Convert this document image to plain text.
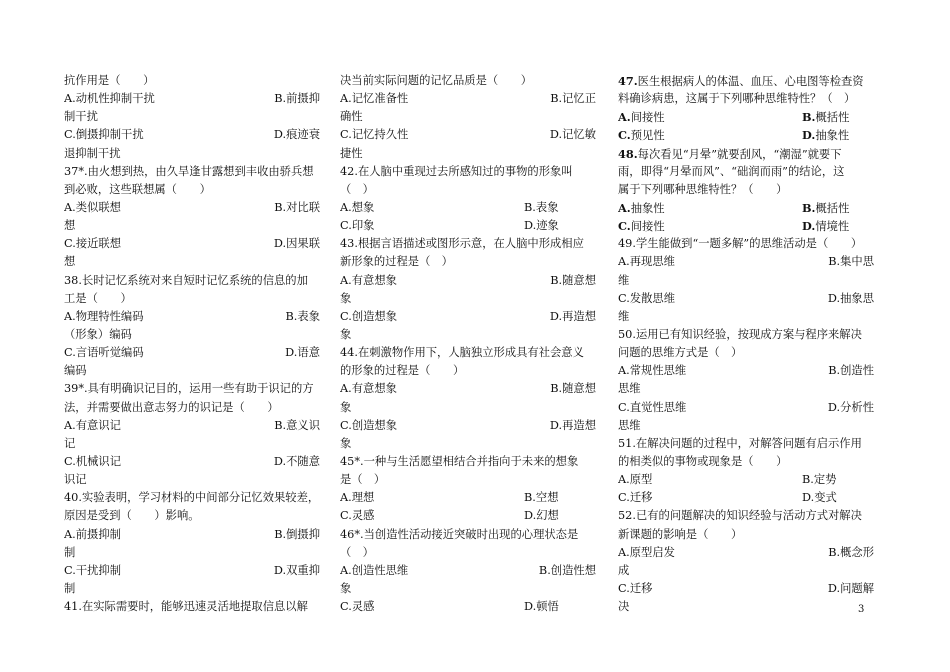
抗作用是（　　）
A.动机性抑制干扰	B.前摄抑
制干扰
C.倒摄抑制干扰	D.痕迹衰
退抑制干扰
37*.由火想到热，由久旱逢甘露想到丰收由骄兵想
到必败，这些联想属（　　）
A.类似联想	B.对比联
想
C.接近联想	D.因果联
想
38.长时记忆系统对来自短时记忆系统的信息的加
工是（　　）
A.物理特性编码	B.表象
（形象）编码
C.言语听觉编码	D.语意
编码
39*.具有明确识记目的，运用一些有助于识记的方
法，并需要做出意志努力的识记是（　　）
A.有意识记	B.意义识
记
C.机械识记	D.不随意
识记
40.实验表明，学习材料的中间部分记忆效果较差，
原因是受到（　　）影响。
A.前摄抑制	B.倒摄抑
制
C.干扰抑制	D.双重抑
制
41.在实际需要时，能够迅速灵活地提取信息以解
决当前实际问题的记忆品质是（　　）
A.记忆准备性	B.记忆正
确性
C.记忆持久性	D.记忆敏
捷性
42.在人脑中重现过去所感知过的事物的形象叫
（　）
A.想象	B.表象
C.印象	D.迹象
43.根据言语描述或图形示意，在人脑中形成相应
新形象的过程是（　）
A.有意想象	B.随意想
象
C.创造想象	D.再造想
象
44.在刺激物作用下，人脑独立形成具有社会意义
的形象的过程是（　　）
A.有意想象	B.随意想
象
C.创造想象	D.再造想
象
45*.一种与生活愿望相结合并指向于未来的想象
是（　）
A.理想	B.空想
C.灵感	D.幻想
46*.当创造性活动接近突破时出现的心理状态是
（　）
A.创造性思维	B.创造性想
象
C.灵感	D.顿悟
47.医生根据病人的体温、血压、心电图等检查资
料确诊病患，这属于下列哪种思维特性？（　）
A.间接性	B.概括性
C.预见性	D.抽象性
48.每次看见“月晕”就要刮风，“潮湿”就要下
雨，即得“月晕而风”、“础润而雨”的结论，这
属于下列哪种思维特性？（　　）
A.抽象性	B.概括性
C.间接性	D.情境性
49.学生能做到“一题多解”的思维活动是（　　）
A.再现思维	B.集中思
维
C.发散思维	D.抽象思
维
50.运用已有知识经验，按现成方案与程序来解决
问题的思维方式是（　）
A.常规性思维	B.创造性
思维
C.直觉性思维	D.分析性
思维
51.在解决问题的过程中，对解答问题有启示作用
的相类似的事物或现象是（　　）
A.原型	B.定势
C.迁移	D.变式
52.已有的问题解决的知识经验与活动方式对解决
新课题的影响是（　　）
A.原型启发	B.概念形
成
C.迁移	D.问题解
决	3
